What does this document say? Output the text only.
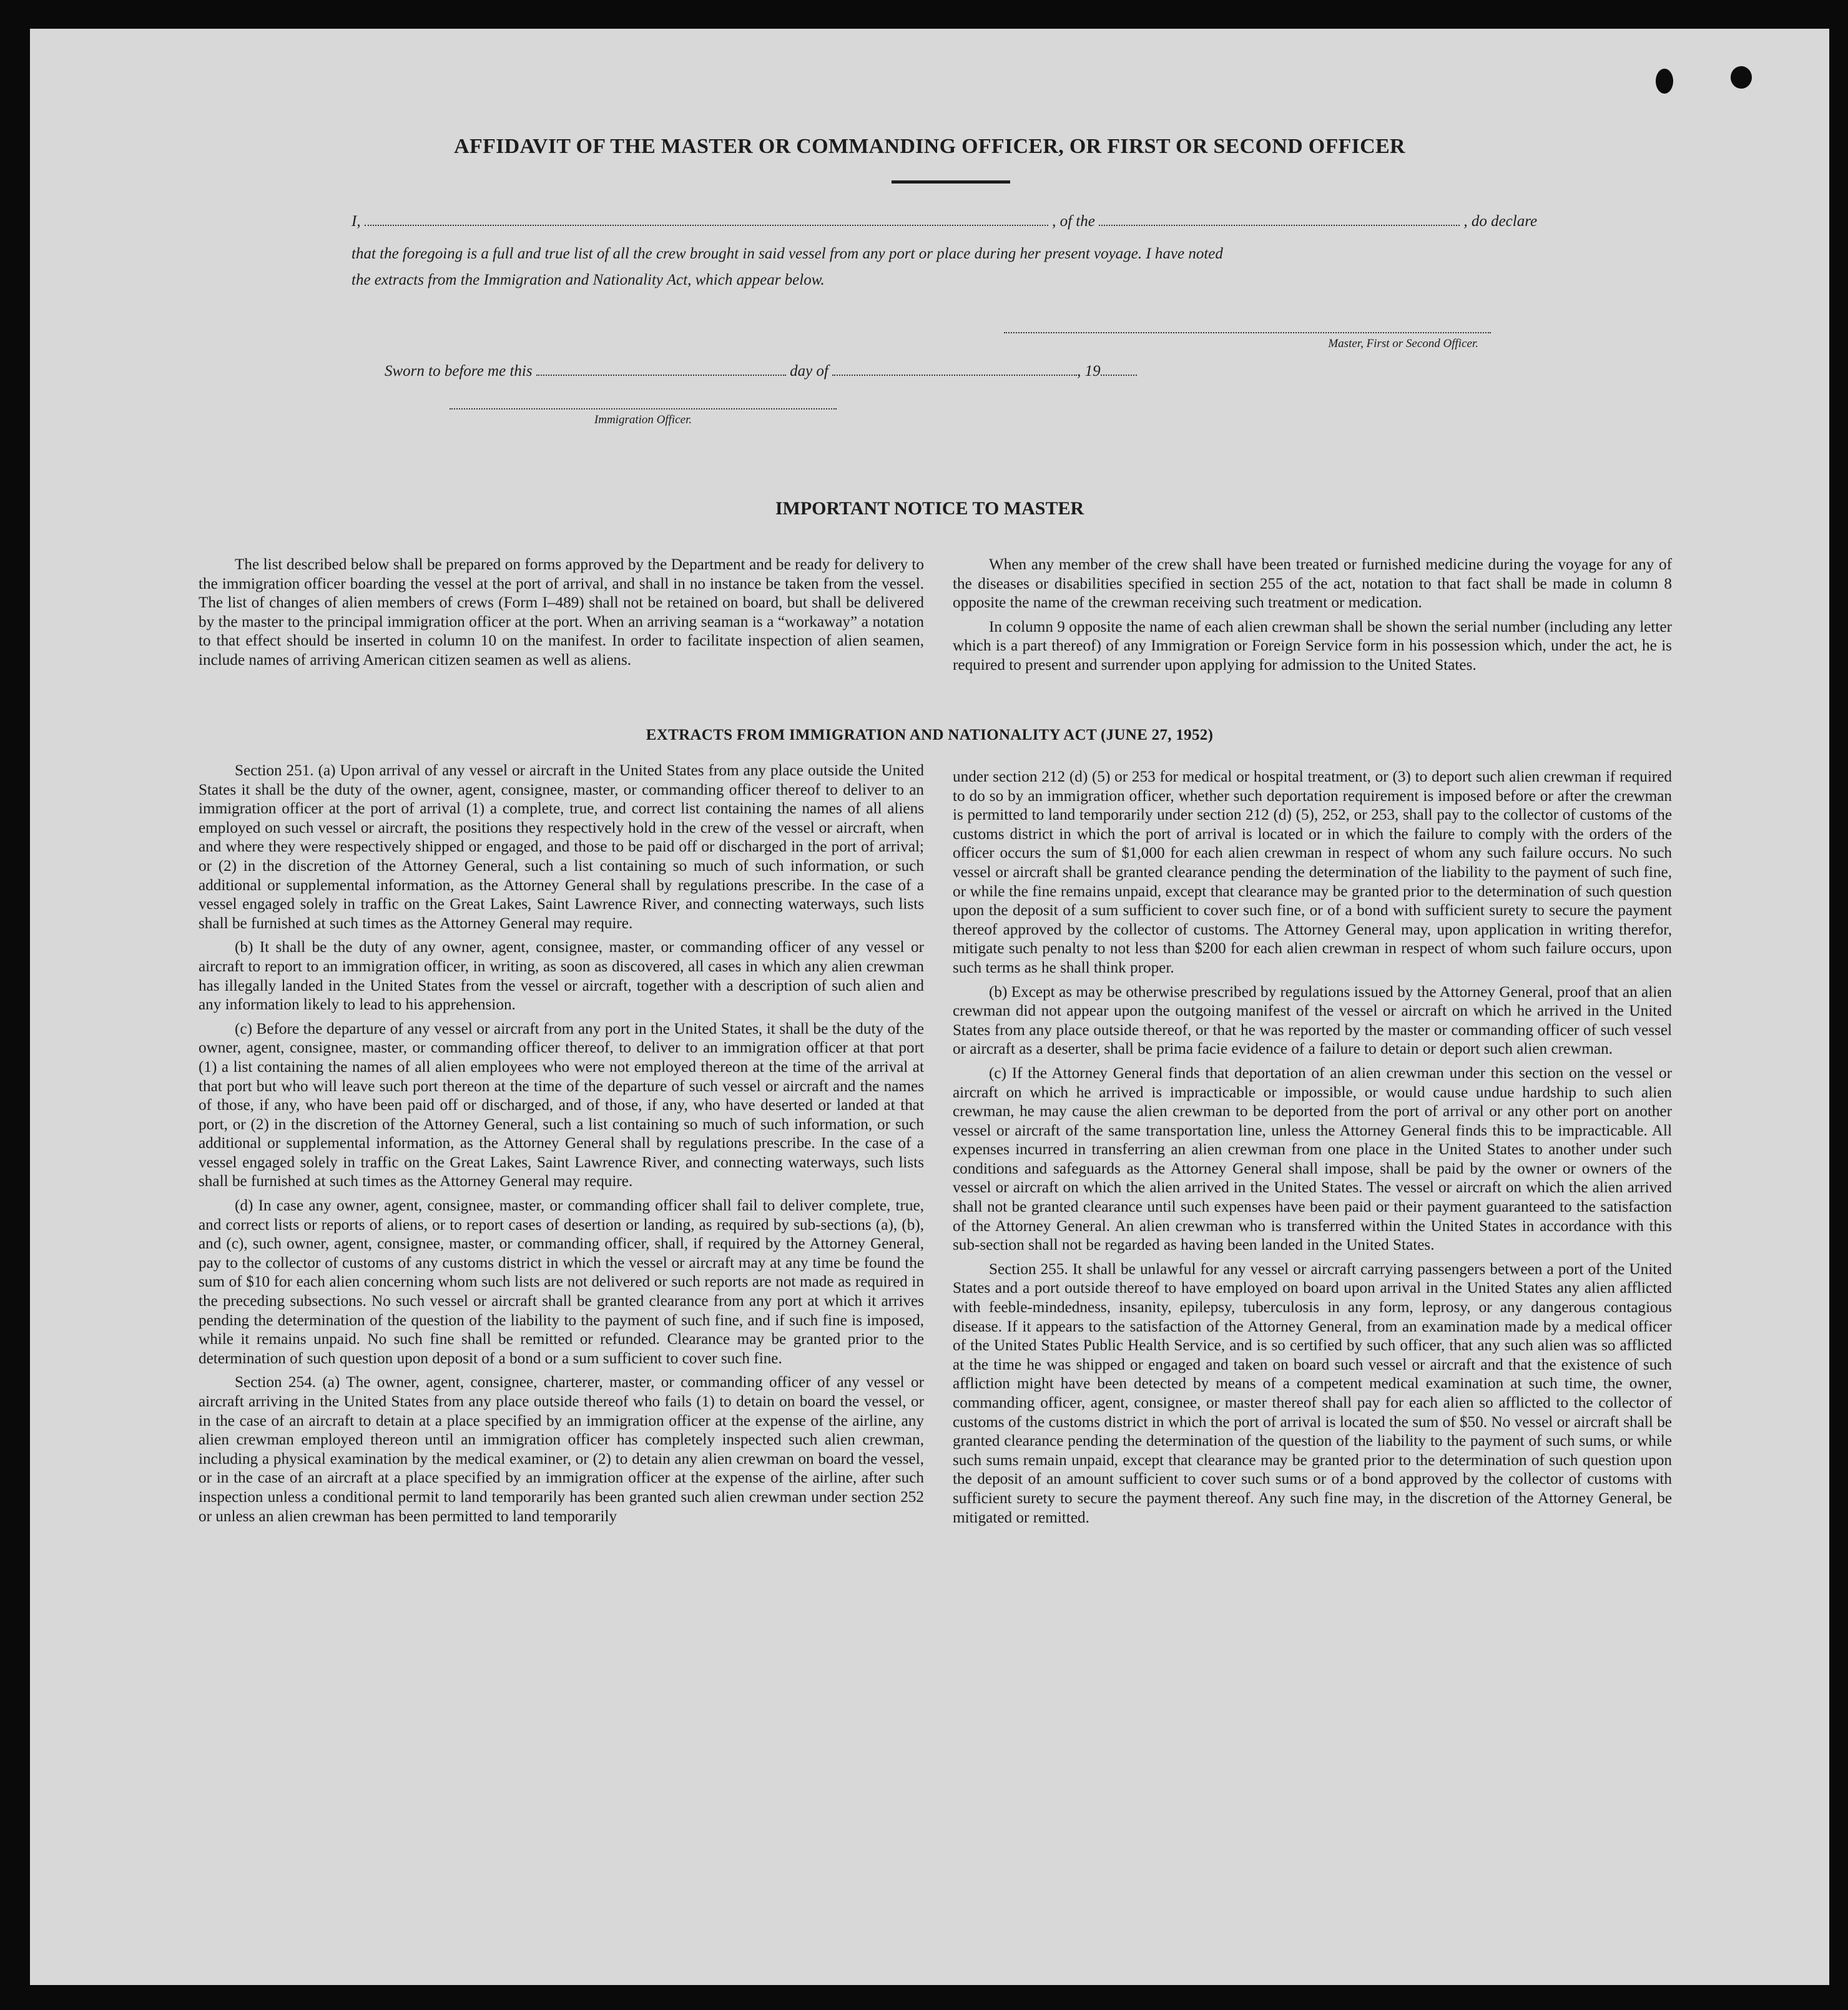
AFFIDAVIT OF THE MASTER OR COMMANDING OFFICER, OR FIRST OR SECOND OFFICER
I,	, of the	, do declare
that the foregoing is a full and true list of all the crew brought in said vessel from any port or place during her present voyage. I have noted
the extracts from the Immigration and Nationality Act, which appear below.
Master, First or Second Officer.
Sworn to before me this	day of	, 19
Immigration Officer.
IMPORTANT NOTICE TO MASTER

The list described below shall be prepared on forms approved by the Department and be ready for delivery to the immigration officer boarding the vessel at the port of arrival, and shall in no instance be taken from the vessel. The list of changes of alien members of crews (Form I–489) shall not be retained on board, but shall be delivered by the master to the principal immigration officer at the port. When an arriving seaman is a “workaway” a notation to that effect should be inserted in column 10 on the manifest. In order to facilitate inspection of alien seamen, include names of arriving American citizen seamen as well as aliens.

When any member of the crew shall have been treated or furnished medicine during the voyage for any of the diseases or disabilities specified in section 255 of the act, notation to that fact shall be made in column 8 opposite the name of the crewman receiving such treatment or medication.

In column 9 opposite the name of each alien crewman shall be shown the serial number (including any letter which is a part thereof) of any Immigration or Foreign Service form in his possession which, under the act, he is required to present and surrender upon applying for admission to the United States.

EXTRACTS FROM IMMIGRATION AND NATIONALITY ACT (JUNE 27, 1952)

Section 251. (a) Upon arrival of any vessel or aircraft in the United States from any place outside the United States it shall be the duty of the owner, agent, consignee, master, or commanding officer thereof to deliver to an immigration officer at the port of arrival (1) a complete, true, and correct list containing the names of all aliens employed on such vessel or aircraft, the positions they respectively hold in the crew of the vessel or aircraft, when and where they were respectively shipped or engaged, and those to be paid off or discharged in the port of arrival; or (2) in the discretion of the Attorney General, such a list containing so much of such information, or such additional or supplemental information, as the Attorney General shall by regulations prescribe. In the case of a vessel engaged solely in traffic on the Great Lakes, Saint Lawrence River, and connecting waterways, such lists shall be furnished at such times as the Attorney General may require.

(b) It shall be the duty of any owner, agent, consignee, master, or commanding officer of any vessel or aircraft to report to an immigration officer, in writing, as soon as discovered, all cases in which any alien crewman has illegally landed in the United States from the vessel or aircraft, together with a description of such alien and any information likely to lead to his apprehension.

(c) Before the departure of any vessel or aircraft from any port in the United States, it shall be the duty of the owner, agent, consignee, master, or commanding officer thereof, to deliver to an immigration officer at that port (1) a list containing the names of all alien employees who were not employed thereon at the time of the arrival at that port but who will leave such port thereon at the time of the departure of such vessel or aircraft and the names of those, if any, who have been paid off or discharged, and of those, if any, who have deserted or landed at that port, or (2) in the discretion of the Attorney General, such a list containing so much of such information, or such additional or supplemental information, as the Attorney General shall by regulations prescribe. In the case of a vessel engaged solely in traffic on the Great Lakes, Saint Lawrence River, and connecting waterways, such lists shall be furnished at such times as the Attorney General may require.

(d) In case any owner, agent, consignee, master, or commanding officer shall fail to deliver complete, true, and correct lists or reports of aliens, or to report cases of desertion or landing, as required by sub-sections (a), (b), and (c), such owner, agent, consignee, master, or commanding officer, shall, if required by the Attorney General, pay to the collector of customs of any customs district in which the vessel or aircraft may at any time be found the sum of $10 for each alien concerning whom such lists are not delivered or such reports are not made as required in the preceding subsections. No such vessel or aircraft shall be granted clearance from any port at which it arrives pending the determination of the question of the liability to the payment of such fine, and if such fine is imposed, while it remains unpaid. No such fine shall be remitted or refunded. Clearance may be granted prior to the determination of such question upon deposit of a bond or a sum sufficient to cover such fine.

Section 254. (a) The owner, agent, consignee, charterer, master, or commanding officer of any vessel or aircraft arriving in the United States from any place outside thereof who fails (1) to detain on board the vessel, or in the case of an aircraft to detain at a place specified by an immigration officer at the expense of the airline, any alien crewman employed thereon until an immigration officer has completely inspected such alien crewman, including a physical examination by the medical examiner, or (2) to detain any alien crewman on board the vessel, or in the case of an aircraft at a place specified by an immigration officer at the expense of the airline, after such inspection unless a conditional permit to land temporarily has been granted such alien crewman under section 252 or unless an alien crewman has been permitted to land temporarily

under section 212 (d) (5) or 253 for medical or hospital treatment, or (3) to deport such alien crewman if required to do so by an immigration officer, whether such deportation requirement is imposed before or after the crewman is permitted to land temporarily under section 212 (d) (5), 252, or 253, shall pay to the collector of customs of the customs district in which the port of arrival is located or in which the failure to comply with the orders of the officer occurs the sum of $1,000 for each alien crewman in respect of whom any such failure occurs. No such vessel or aircraft shall be granted clearance pending the determination of the liability to the payment of such fine, or while the fine remains unpaid, except that clearance may be granted prior to the determination of such question upon the deposit of a sum sufficient to cover such fine, or of a bond with sufficient surety to secure the payment thereof approved by the collector of customs. The Attorney General may, upon application in writing therefor, mitigate such penalty to not less than $200 for each alien crewman in respect of whom such failure occurs, upon such terms as he shall think proper.

(b) Except as may be otherwise prescribed by regulations issued by the Attorney General, proof that an alien crewman did not appear upon the outgoing manifest of the vessel or aircraft on which he arrived in the United States from any place outside thereof, or that he was reported by the master or commanding officer of such vessel or aircraft as a deserter, shall be prima facie evidence of a failure to detain or deport such alien crewman.

(c) If the Attorney General finds that deportation of an alien crewman under this section on the vessel or aircraft on which he arrived is impracticable or impossible, or would cause undue hardship to such alien crewman, he may cause the alien crewman to be deported from the port of arrival or any other port on another vessel or aircraft of the same transportation line, unless the Attorney General finds this to be impracticable. All expenses incurred in transferring an alien crewman from one place in the United States to another under such conditions and safeguards as the Attorney General shall impose, shall be paid by the owner or owners of the vessel or aircraft on which the alien arrived in the United States. The vessel or aircraft on which the alien arrived shall not be granted clearance until such expenses have been paid or their payment guaranteed to the satisfaction of the Attorney General. An alien crewman who is transferred within the United States in accordance with this sub-section shall not be regarded as having been landed in the United States.

Section 255. It shall be unlawful for any vessel or aircraft carrying passengers between a port of the United States and a port outside thereof to have employed on board upon arrival in the United States any alien afflicted with feeble-mindedness, insanity, epilepsy, tuberculosis in any form, leprosy, or any dangerous contagious disease. If it appears to the satisfaction of the Attorney General, from an examination made by a medical officer of the United States Public Health Service, and is so certified by such officer, that any such alien was so afflicted at the time he was shipped or engaged and taken on board such vessel or aircraft and that the existence of such affliction might have been detected by means of a competent medical examination at such time, the owner, commanding officer, agent, consignee, or master thereof shall pay for each alien so afflicted to the collector of customs of the customs district in which the port of arrival is located the sum of $50. No vessel or aircraft shall be granted clearance pending the determination of the question of the liability to the payment of such sums, or while such sums remain unpaid, except that clearance may be granted prior to the determination of such question upon the deposit of an amount sufficient to cover such sums or of a bond approved by the collector of customs with sufficient surety to secure the payment thereof. Any such fine may, in the discretion of the Attorney General, be mitigated or remitted.
